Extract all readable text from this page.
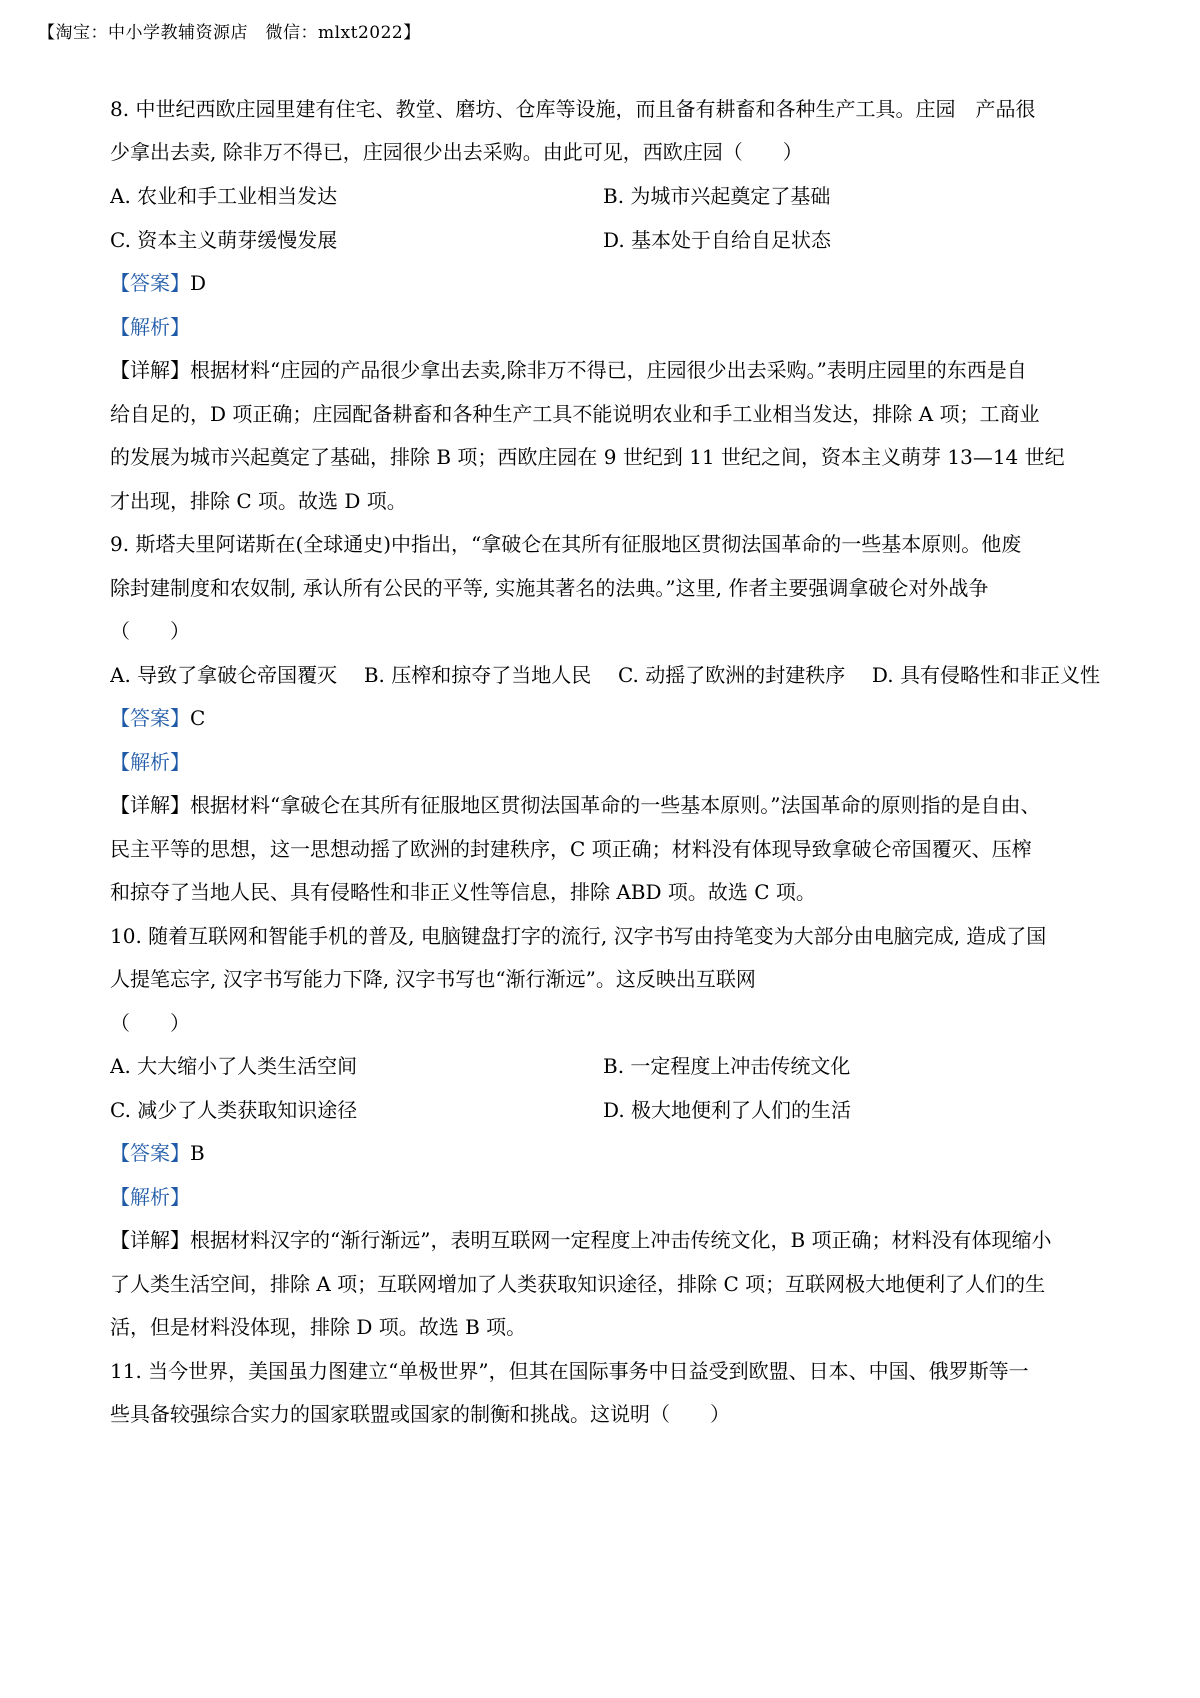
【淘宝：中小学教辅资源店　微信：mlxt2022】
8. 中世纪西欧庄园里建有住宅、教堂、磨坊、仓库等设施，而且备有耕畜和各种生产工具。庄园　产品很
少拿出去卖, 除非万不得已，庄园很少出去采购。由此可见，西欧庄园（　　）
A. 农业和手工业相当发达	B. 为城市兴起奠定了基础
C. 资本主义萌芽缓慢发展	D. 基本处于自给自足状态
【答案】D
【解析】
【详解】根据材料“庄园的产品很少拿出去卖,除非万不得已，庄园很少出去采购。”表明庄园里的东西是自
给自足的，D 项正确；庄园配备耕畜和各种生产工具不能说明农业和手工业相当发达，排除 A 项；工商业
的发展为城市兴起奠定了基础，排除 B 项；西欧庄园在 9 世纪到 11 世纪之间，资本主义萌芽 13—14 世纪
才出现，排除 C 项。故选 D 项。
9. 斯塔夫里阿诺斯在(全球通史)中指出，“拿破仑在其所有征服地区贯彻法国革命的一些基本原则。他废
除封建制度和农奴制, 承认所有公民的平等, 实施其著名的法典。”这里, 作者主要强调拿破仑对外战争
（　　）
A. 导致了拿破仑帝国覆灭 B. 压榨和掠夺了当地人民 C. 动摇了欧洲的封建秩序 D. 具有侵略性和非正义性
【答案】C
【解析】
【详解】根据材料“拿破仑在其所有征服地区贯彻法国革命的一些基本原则。”法国革命的原则指的是自由、
民主平等的思想，这一思想动摇了欧洲的封建秩序，C 项正确；材料没有体现导致拿破仑帝国覆灭、压榨
和掠夺了当地人民、具有侵略性和非正义性等信息，排除 ABD 项。故选 C 项。
10. 随着互联网和智能手机的普及, 电脑键盘打字的流行, 汉字书写由持笔变为大部分由电脑完成, 造成了国
人提笔忘字, 汉字书写能力下降, 汉字书写也“渐行渐远”。这反映出互联网
（　　）
A. 大大缩小了人类生活空间	B. 一定程度上冲击传统文化
C. 减少了人类获取知识途径	D. 极大地便利了人们的生活
【答案】B
【解析】
【详解】根据材料汉字的“渐行渐远”，表明互联网一定程度上冲击传统文化，B 项正确；材料没有体现缩小
了人类生活空间，排除 A 项；互联网增加了人类获取知识途径，排除 C 项；互联网极大地便利了人们的生
活，但是材料没体现，排除 D 项。故选 B 项。
11. 当今世界，美国虽力图建立“单极世界”，但其在国际事务中日益受到欧盟、日本、中国、俄罗斯等一
些具备较强综合实力的国家联盟或国家的制衡和挑战。这说明（　　）
